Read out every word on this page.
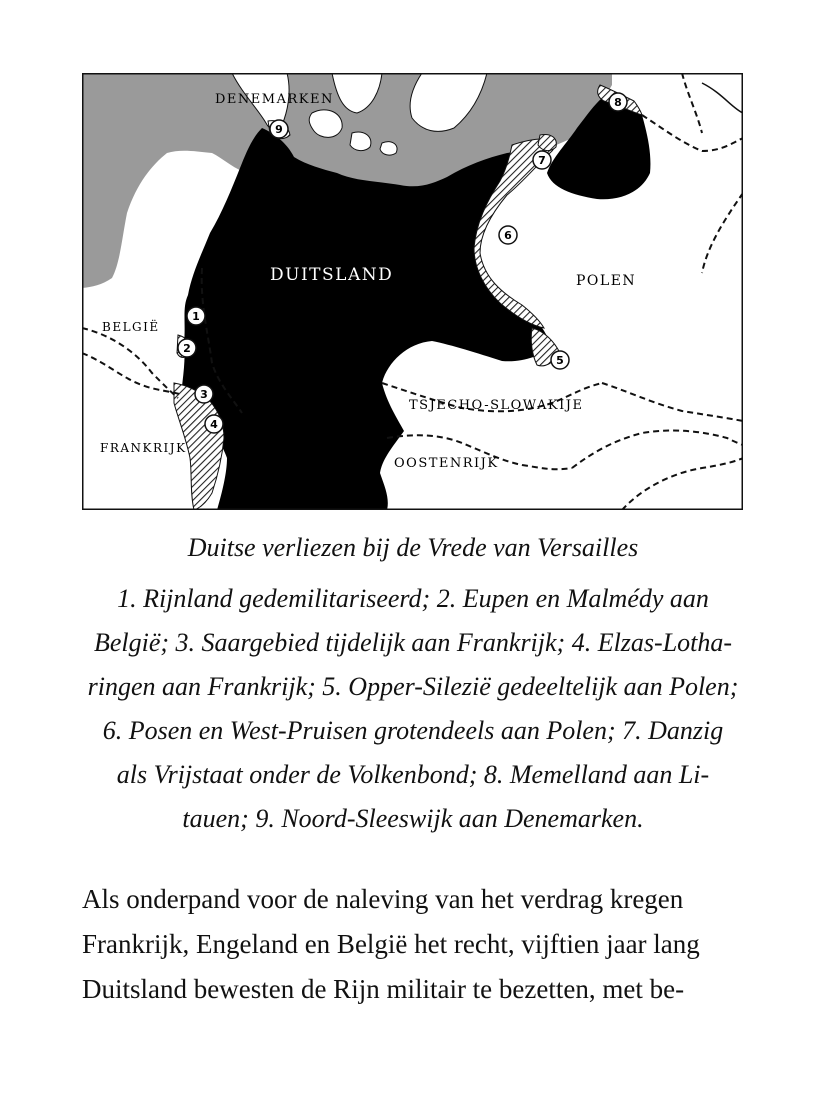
DENEMARKEN
DUITSLAND	POLEN
BELGIË
TSJECHO-SLOWAKIJE
FRANKRIJK
OOSTENRIJK
1
2
3
4
5
6
7
8
9
Duitse verliezen bij de Vrede van Versailles
1. Rijnland gedemilitariseerd; 2. Eupen en Malmédy aan
België; 3. Saargebied tijdelijk aan Frankrijk; 4. Elzas-Lotha-
ringen aan Frankrijk; 5. Opper-Silezië gedeeltelijk aan Polen;
6. Posen en West-Pruisen grotendeels aan Polen; 7. Danzig
als Vrijstaat onder de Volkenbond; 8. Memelland aan Li-
tauen; 9. Noord-Sleeswijk aan Denemarken.
Als onderpand voor de naleving van het verdrag kregen
Frankrijk, Engeland en België het recht, vijftien jaar lang
Duitsland bewesten de Rijn militair te bezetten, met be-
